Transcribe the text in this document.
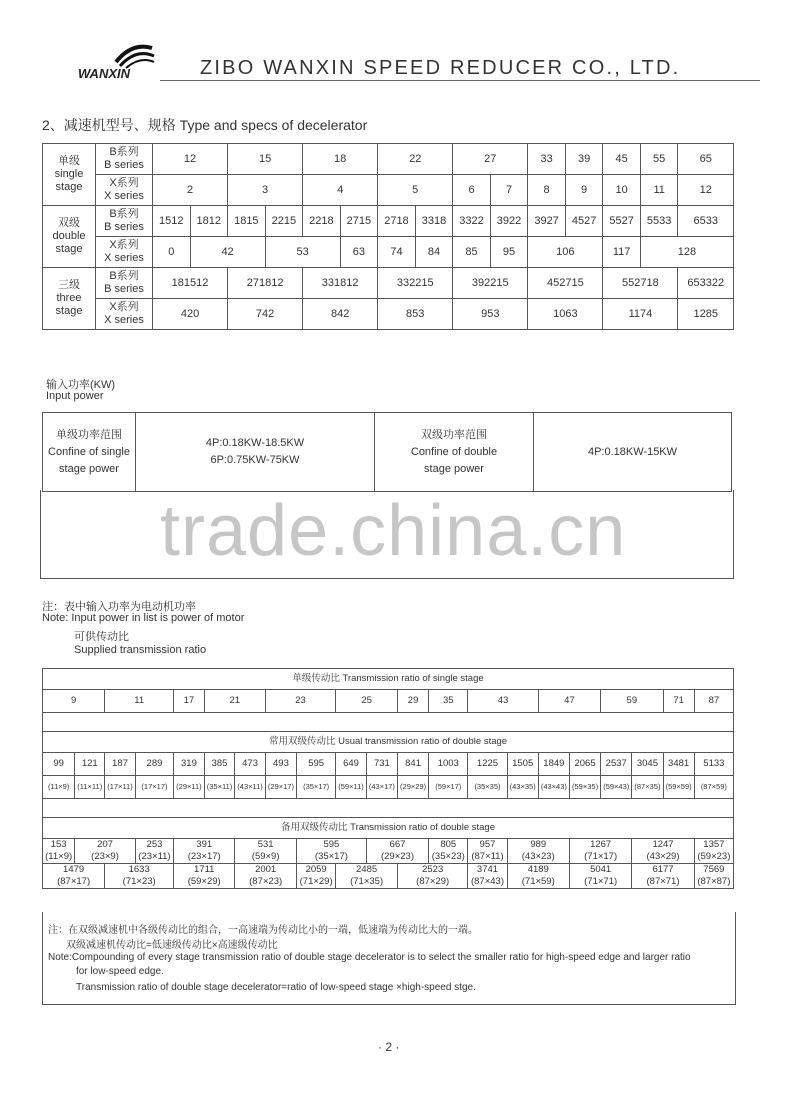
WANXIN	ZIBO WANXIN SPEED REDUCER CO., LTD.
2、减速机型号、规格 Type and specs of decelerator
单级
single
stage	B系列
B series	12		15		18		22		27		33	39	45	55	65
	X系列
X series	2		3		4		5		6	7	8	9	10	11	12
双级
double
stage	B系列
B series	1512	1812	1815	2215	2218	2715	2718	3318	3322	3922	3927	4527	5527	5533	6533
	X系列
X series	0	42		53		63	74	84	85	95	106		117	128	
三级
three
stage	B系列
B series	181512		271812		331812		332215		392215		452715		552718		653322
	X系列
X series	420		742		842		853		953		1063		1174		1285
输入功率(KW)
Input power
单级功率范围
Confine of single
stage power	4P:0.18KW-18.5KW
6P:0.75KW-75KW	双级功率范围
Confine of double
stage power	4P:0.18KW-15KW
trade.china.cn
注：表中输入功率为电动机功率
Note: Input power in list is power of motor
可供传动比
Supplied transmission ratio
单级传动比 Transmission ratio of single stage																				
9		11		17	21		23		25		29	35	43		47		59		71	87

常用双级传动比 Usual transmission ratio of double stage																				
99	121	187	289	319	385	473	493	595	649	731	841	1003	1225	1505	1849	2065	2537	3045	3481	5133
(11×9)	(11×11)	(17×11)	(17×17)	(29×11)	(35×11)	(43×11)	(29×17)	(35×17)	(59×11)	(43×17)	(29×29)	(59×17)	(35×35)	(43×35)	(43×43)	(59×35)	(59×43)	(87×35)	(59×59)	(87×59)

备用双级传动比 Transmission ratio of double stage																				
153
(11×9)	207
(23×9)		253
(23×11)	391
(23×17)		531
(59×9)		595
(35×17)		667
(29×23)		805
(35×23)	957
(87×11)	989
(43×23)		1267
(71×17)		1247
(43×29)		1357
(59×23)
1479
(87×17)		1633
(71×23)		1711
(59×29)		2001
(87×23)		2059
(71×29)	2485
(71×35)		2523
(87×29)		3741
(87×43)	4189
(71×59)		5041
(71×71)		6177
(87×71)		7569
(87×87)
注：在双级减速机中各级传动比的组合，一高速端为传动比小的一端，低速端为传动比大的一端。
双级减速机传动比=低速级传动比×高速级传动比
Note:Compounding of every stage transmission ratio of double stage decelerator is to select the smaller ratio for high-speed edge and larger ratio
for low-speed edge.
Transmission ratio of double stage decelerator=ratio of low-speed stage ×high-speed stge.
· 2 ·
